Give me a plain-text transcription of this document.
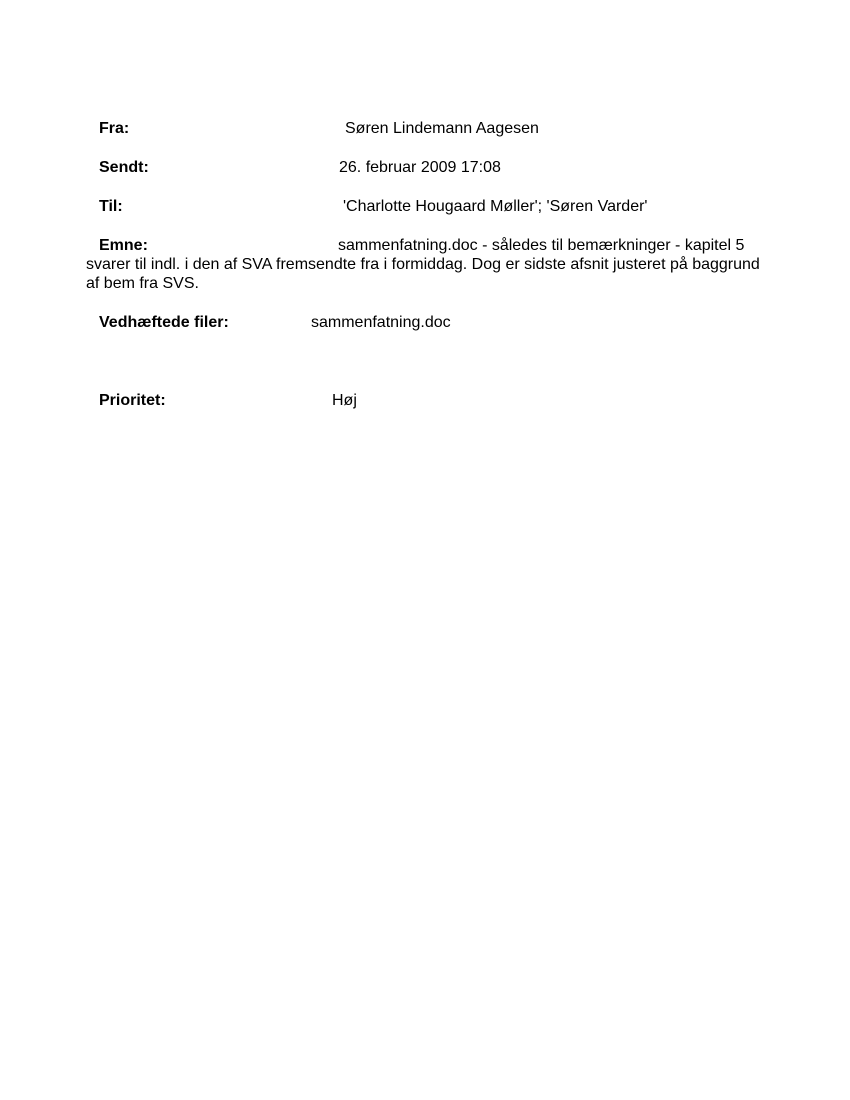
Fra:	Søren Lindemann Aagesen
Sendt:	26. februar 2009 17:08
Til:	'Charlotte Hougaard Møller'; 'Søren Varder'
Emne:	sammenfatning.doc - således til bemærkninger - kapitel 5 svarer til indl. i den af SVA fremsendte fra i formiddag. Dog er sidste afsnit justeret på baggrund af bem fra SVS.
Vedhæftede filer:	sammenfatning.doc
Prioritet:	Høj
